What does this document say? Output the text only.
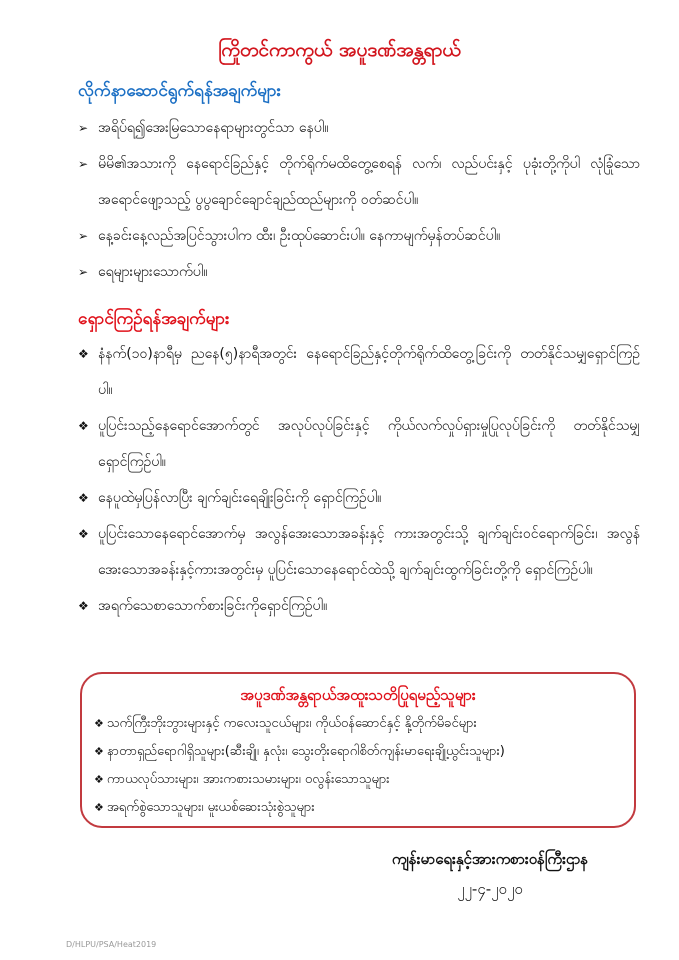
ကြိုတင်ကာကွယ် အပူဒဏ်အန္တရာယ်
လိုက်နာဆောင်ရွက်ရန်အချက်များ
➢ အရိပ်ရ၍အေးမြသောနေရာများတွင်သာ နေပါ။
➢ မိမိ၏အသားကို နေရောင်ခြည်နှင့် တိုက်ရိုက်မထိတွေ့စေရန် လက်၊ လည်ပင်းနှင့် ပုခုံးတို့ကိုပါ လုံခြုံသောအရောင်ဖျော့သည့် ပွပွချောင်ချောင်ချည်ထည်များကို ဝတ်ဆင်ပါ။
➢ နေ့ခင်းနေ့လည်အပြင်သွားပါက ထီး၊ ဦးထုပ်ဆောင်းပါ။ နေကာမျက်မှန်တပ်ဆင်ပါ။
➢ ရေများများသောက်ပါ။
ရှောင်ကြဉ်ရန်အချက်များ
❖ နံနက်(၁၀)နာရီမှ ညနေ(၅)နာရီအတွင်း နေရောင်ခြည်နှင့်တိုက်ရိုက်ထိတွေ့ခြင်းကို တတ်နိုင်သမျှရှောင်ကြဉ်ပါ။
❖ ပူပြင်းသည့်နေရောင်အောက်တွင် အလုပ်လုပ်ခြင်းနှင့် ကိုယ်လက်လှုပ်ရှားမှုပြုလုပ်ခြင်းကို တတ်နိုင်သမျှရှောင်ကြဉ်ပါ။
❖ နေပူထဲမှပြန်လာပြီး ချက်ချင်းရေချိုးခြင်းကို ရှောင်ကြဉ်ပါ။
❖ ပူပြင်းသောနေရောင်အောက်မှ အလွန်အေးသောအခန်းနှင့် ကားအတွင်းသို့ ချက်ချင်းဝင်ရောက်ခြင်း၊ အလွန်အေးသောအခန်းနှင့်ကားအတွင်းမှ ပူပြင်းသောနေရောင်ထဲသို့ ချက်ချင်းထွက်ခြင်းတို့ကို ရှောင်ကြဉ်ပါ။
❖ အရက်သေစာသောက်စားခြင်းကိုရှောင်ကြဉ်ပါ။
အပူဒဏ်အန္တရာယ်အထူးသတိပြုရမည့်သူများ
❖ သက်ကြီးဘိုးဘွားများနှင့် ကလေးသူငယ်များ၊ ကိုယ်ဝန်ဆောင်နှင့် နို့တိုက်မိခင်များ
❖ နာတာရှည်ရောဂါရှိသူများ(ဆီးချို၊ နှလုံး၊ သွေးတိုးရောဂါစိတ်ကျန်းမာရေးချို့ယွင်းသူများ)
❖ ကာယလုပ်သားများ၊ အားကစားသမားများ၊ ဝလွန်းသောသူများ
❖ အရက်စွဲသောသူများ၊ မူးယစ်ဆေးသုံးစွဲသူများ
ကျန်းမာရေးနှင့်အားကစားဝန်ကြီးဌာန
၂၂-၄-၂၀၂၀
D/HLPU/PSA/Heat2019
